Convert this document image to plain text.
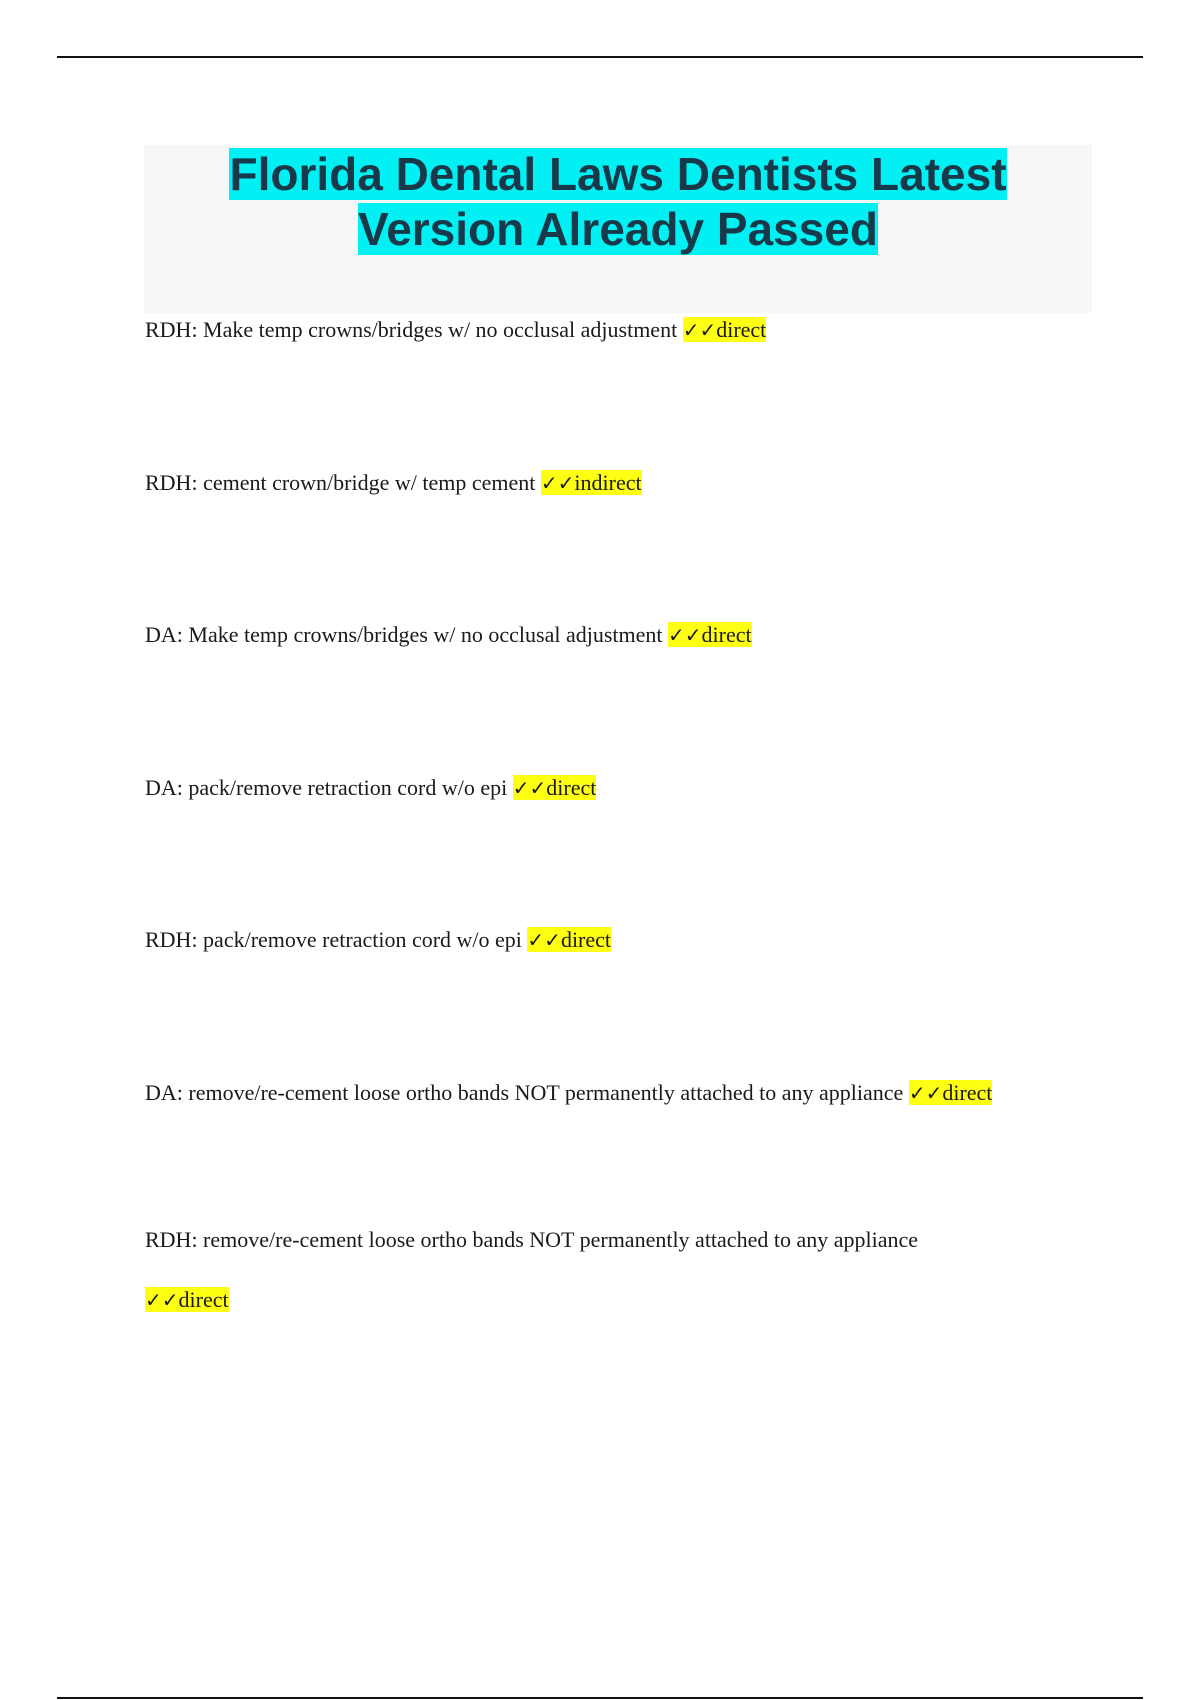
Florida Dental Laws Dentists Latest
Version Already Passed
RDH: Make temp crowns/bridges w/ no occlusal adjustment ✓✓direct
RDH: cement crown/bridge w/ temp cement ✓✓indirect
DA: Make temp crowns/bridges w/ no occlusal adjustment ✓✓direct
DA: pack/remove retraction cord w/o epi ✓✓direct
RDH: pack/remove retraction cord w/o epi ✓✓direct
DA: remove/re-cement loose ortho bands NOT permanently attached to any appliance ✓✓direct
RDH: remove/re-cement loose ortho bands NOT permanently attached to any appliance
✓✓direct
